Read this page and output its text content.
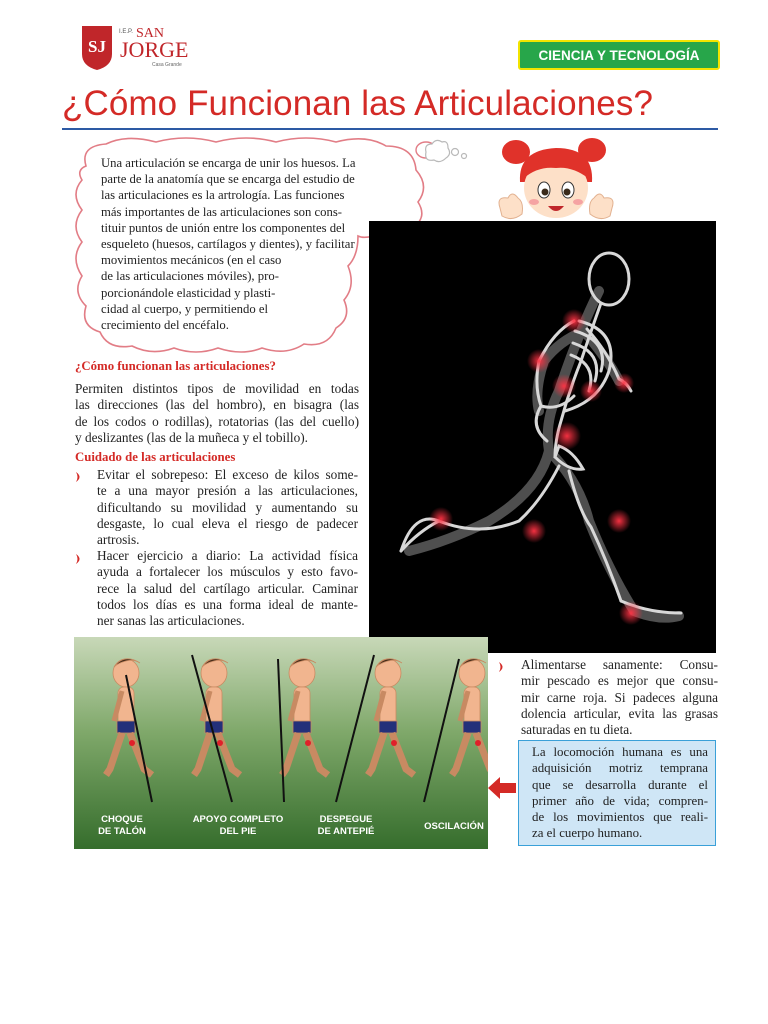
SJ
I.E.P. SAN
JORGE
Casa Grande
CIENCIA Y TECNOLOGÍA
¿Cómo Funcionan las Articulaciones?
Una articulación se encarga de unir los huesos. La
parte de la anatomía que se encarga del estudio de
las articulaciones es la artrología. Las funciones
más importantes de las articulaciones son cons-
tituir puntos de unión entre los componentes del
esqueleto (huesos, cartílagos y dientes), y facilitar
movimientos mecánicos (en el caso
de las articulaciones móviles), pro-
porcionándole elasticidad y plasti-
cidad al cuerpo, y permitiendo el
crecimiento del encéfalo.
¿Cómo funcionan las articulaciones?
Permiten distintos tipos de movilidad en todas
las direcciones (las del hombro), en bisagra (las
de los codos o rodillas), rotatorias (las del cuello)
y deslizantes (las de la muñeca y el tobillo).
Cuidado de las articulaciones
Evitar el sobrepeso: El exceso de kilos some-
te a una mayor presión a las articulaciones,
dificultando su movilidad y aumentando su
desgaste, lo cual eleva el riesgo de padecer
artrosis.
Hacer ejercicio a diario: La actividad física
ayuda a fortalecer los músculos y esto favo-
rece la salud del cartílago articular. Caminar
todos los días es una forma ideal de mante-
ner sanas las articulaciones.
CHOQUE
DE TALÓN
APOYO COMPLETO
DEL PIE
DESPEGUE
DE ANTEPIÉ	OSCILACIÓN
Alimentarse sanamente: Consu-
mir pescado es mejor que consu-
mir carne roja. Si padeces alguna
dolencia articular, evita las grasas
saturadas en tu dieta.
La locomoción humana es una
adquisición motriz temprana
que se desarrolla durante el
primer año de vida; compren-
de los movimientos que reali-
za el cuerpo humano.
